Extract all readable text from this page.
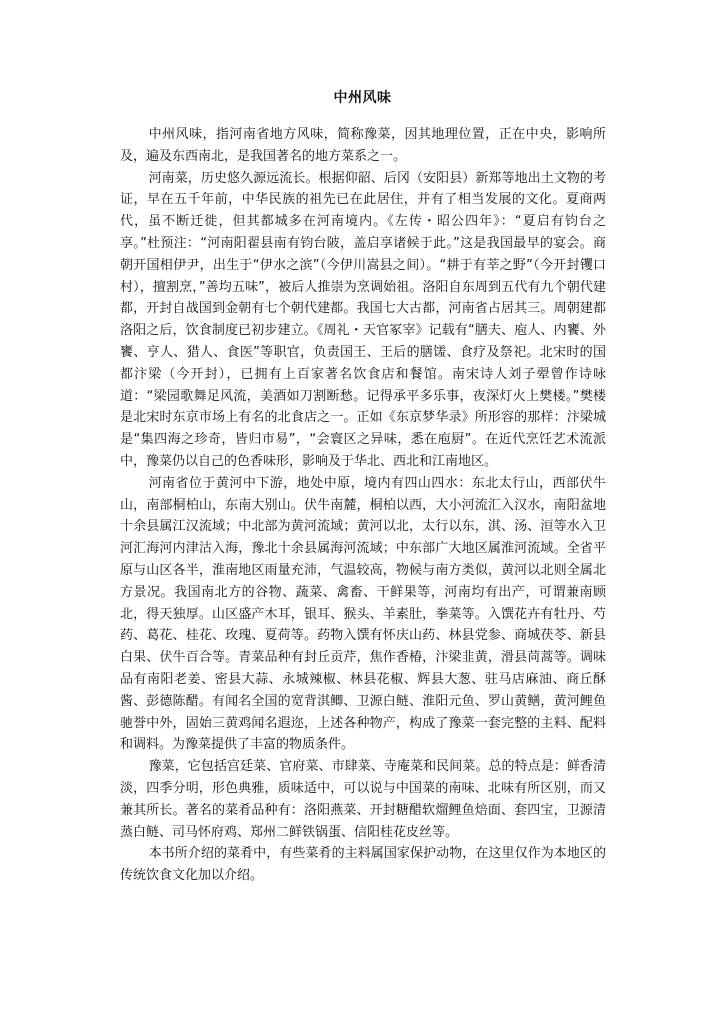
中州风味

中州风味，指河南省地方风味，简称豫菜，因其地理位置，正在中央，影响所及，遍及东西南北，是我国著名的地方菜系之一。

河南菜，历史悠久源远流长。根据仰韶、后冈（安阳县）新郑等地出土文物的考证，早在五千年前，中华民族的祖先已在此居住，并有了相当发展的文化。夏商两代，虽不断迁徙，但其都城多在河南境内。《左传・昭公四年》：“夏启有钧台之享。”杜预注：“河南阳翟县南有钧台陂，盖启享诸候于此。”这是我国最早的宴会。商朝开国相伊尹，出生于“伊水之滨”（今伊川嵩县之间）。“耕于有莘之野”（今开封䦆口村），擅割烹，”善均五味”，被后人推崇为烹调始祖。洛阳自东周到五代有九个朝代建都，开封自战国到金朝有七个朝代建都。我国七大古都，河南省占居其三。周朝建都洛阳之后，饮食制度已初步建立。《周礼・天官冢宰》记载有“膳夫、庖人、内饔、外饔、亨人、猎人、食医”等职官，负责国王、王后的膳馐、食疗及祭祀。北宋时的国都汴梁（今开封），已拥有上百家著名饮食店和餐馆。南宋诗人刘子翚曾作诗咏道：“梁园歌舞足风流，美酒如刀割断愁。记得承平多乐事，夜深灯火上樊楼。”樊楼是北宋时东京市场上有名的北食店之一。正如《东京梦华录》所形容的那样：汴梁城是“集四海之珍奇，皆归市易”，“会寰区之异味，悉在庖厨”。在近代烹饪艺术流派中，豫菜仍以自己的色香味形，影响及于华北、西北和江南地区。

河南省位于黄河中下游，地处中原，境内有四山四水：东北太行山，西部伏牛山，南部桐柏山，东南大别山。伏牛南麓，桐柏以西，大小河流汇入汉水，南阳盆地十余县属江汉流域；中北部为黄河流域；黄河以北，太行以东，淇、汤、洹等水入卫河汇海河内津沽入海，豫北十余县属海河流域；中东部广大地区属淮河流域。全省平原与山区各半，淮南地区雨量充沛，气温较高，物候与南方类似，黄河以北则全属北方景况。我国南北方的谷物、蔬菜、禽畜、干鲜果等，河南均有出产，可谓兼南顾北，得天独厚。山区盛产木耳，银耳、猴头、羊素肚，拳菜等。入馔花卉有牡丹、芍药、葛花、桂花、玫瑰、夏荷等。药物入馔有怀庆山药、林县党参、商城茯苓、新县白果、伏牛百合等。青菜品种有封丘贡芹，焦作香椿，汴梁韭黄，滑县苘蒿等。调味品有南阳老姜、密县大蒜、永城辣椒、林县花椒、辉县大葱、驻马店麻油、商丘酥酱、彭德陈醋。有闻名全国的宽背淇鲫、卫源白鲢、淮阳元鱼、罗山黄鳝，黄河鲤鱼驰誉中外，固始三黄鸡闻名遐迩，上述各种物产，构成了豫菜一套完整的主料、配料和调料。为豫菜提供了丰富的物质条件。

豫菜，它包括宫廷菜、官府菜、市肆菜、寺庵菜和民间菜。总的特点是：鲜香清淡，四季分明，形色典雅，质味适中，可以说与中国菜的南味、北味有所区别，而又兼其所长。著名的菜肴品种有：洛阳燕菜、开封糖醋软熘鲤鱼焙面、套四宝，卫源清蒸白鲢、司马怀府鸡、郑州二鲜铁锅蛋、信阳桂花皮丝等。

本书所介绍的菜肴中，有些菜肴的主料属国家保护动物，在这里仅作为本地区的传统饮食文化加以介绍。
